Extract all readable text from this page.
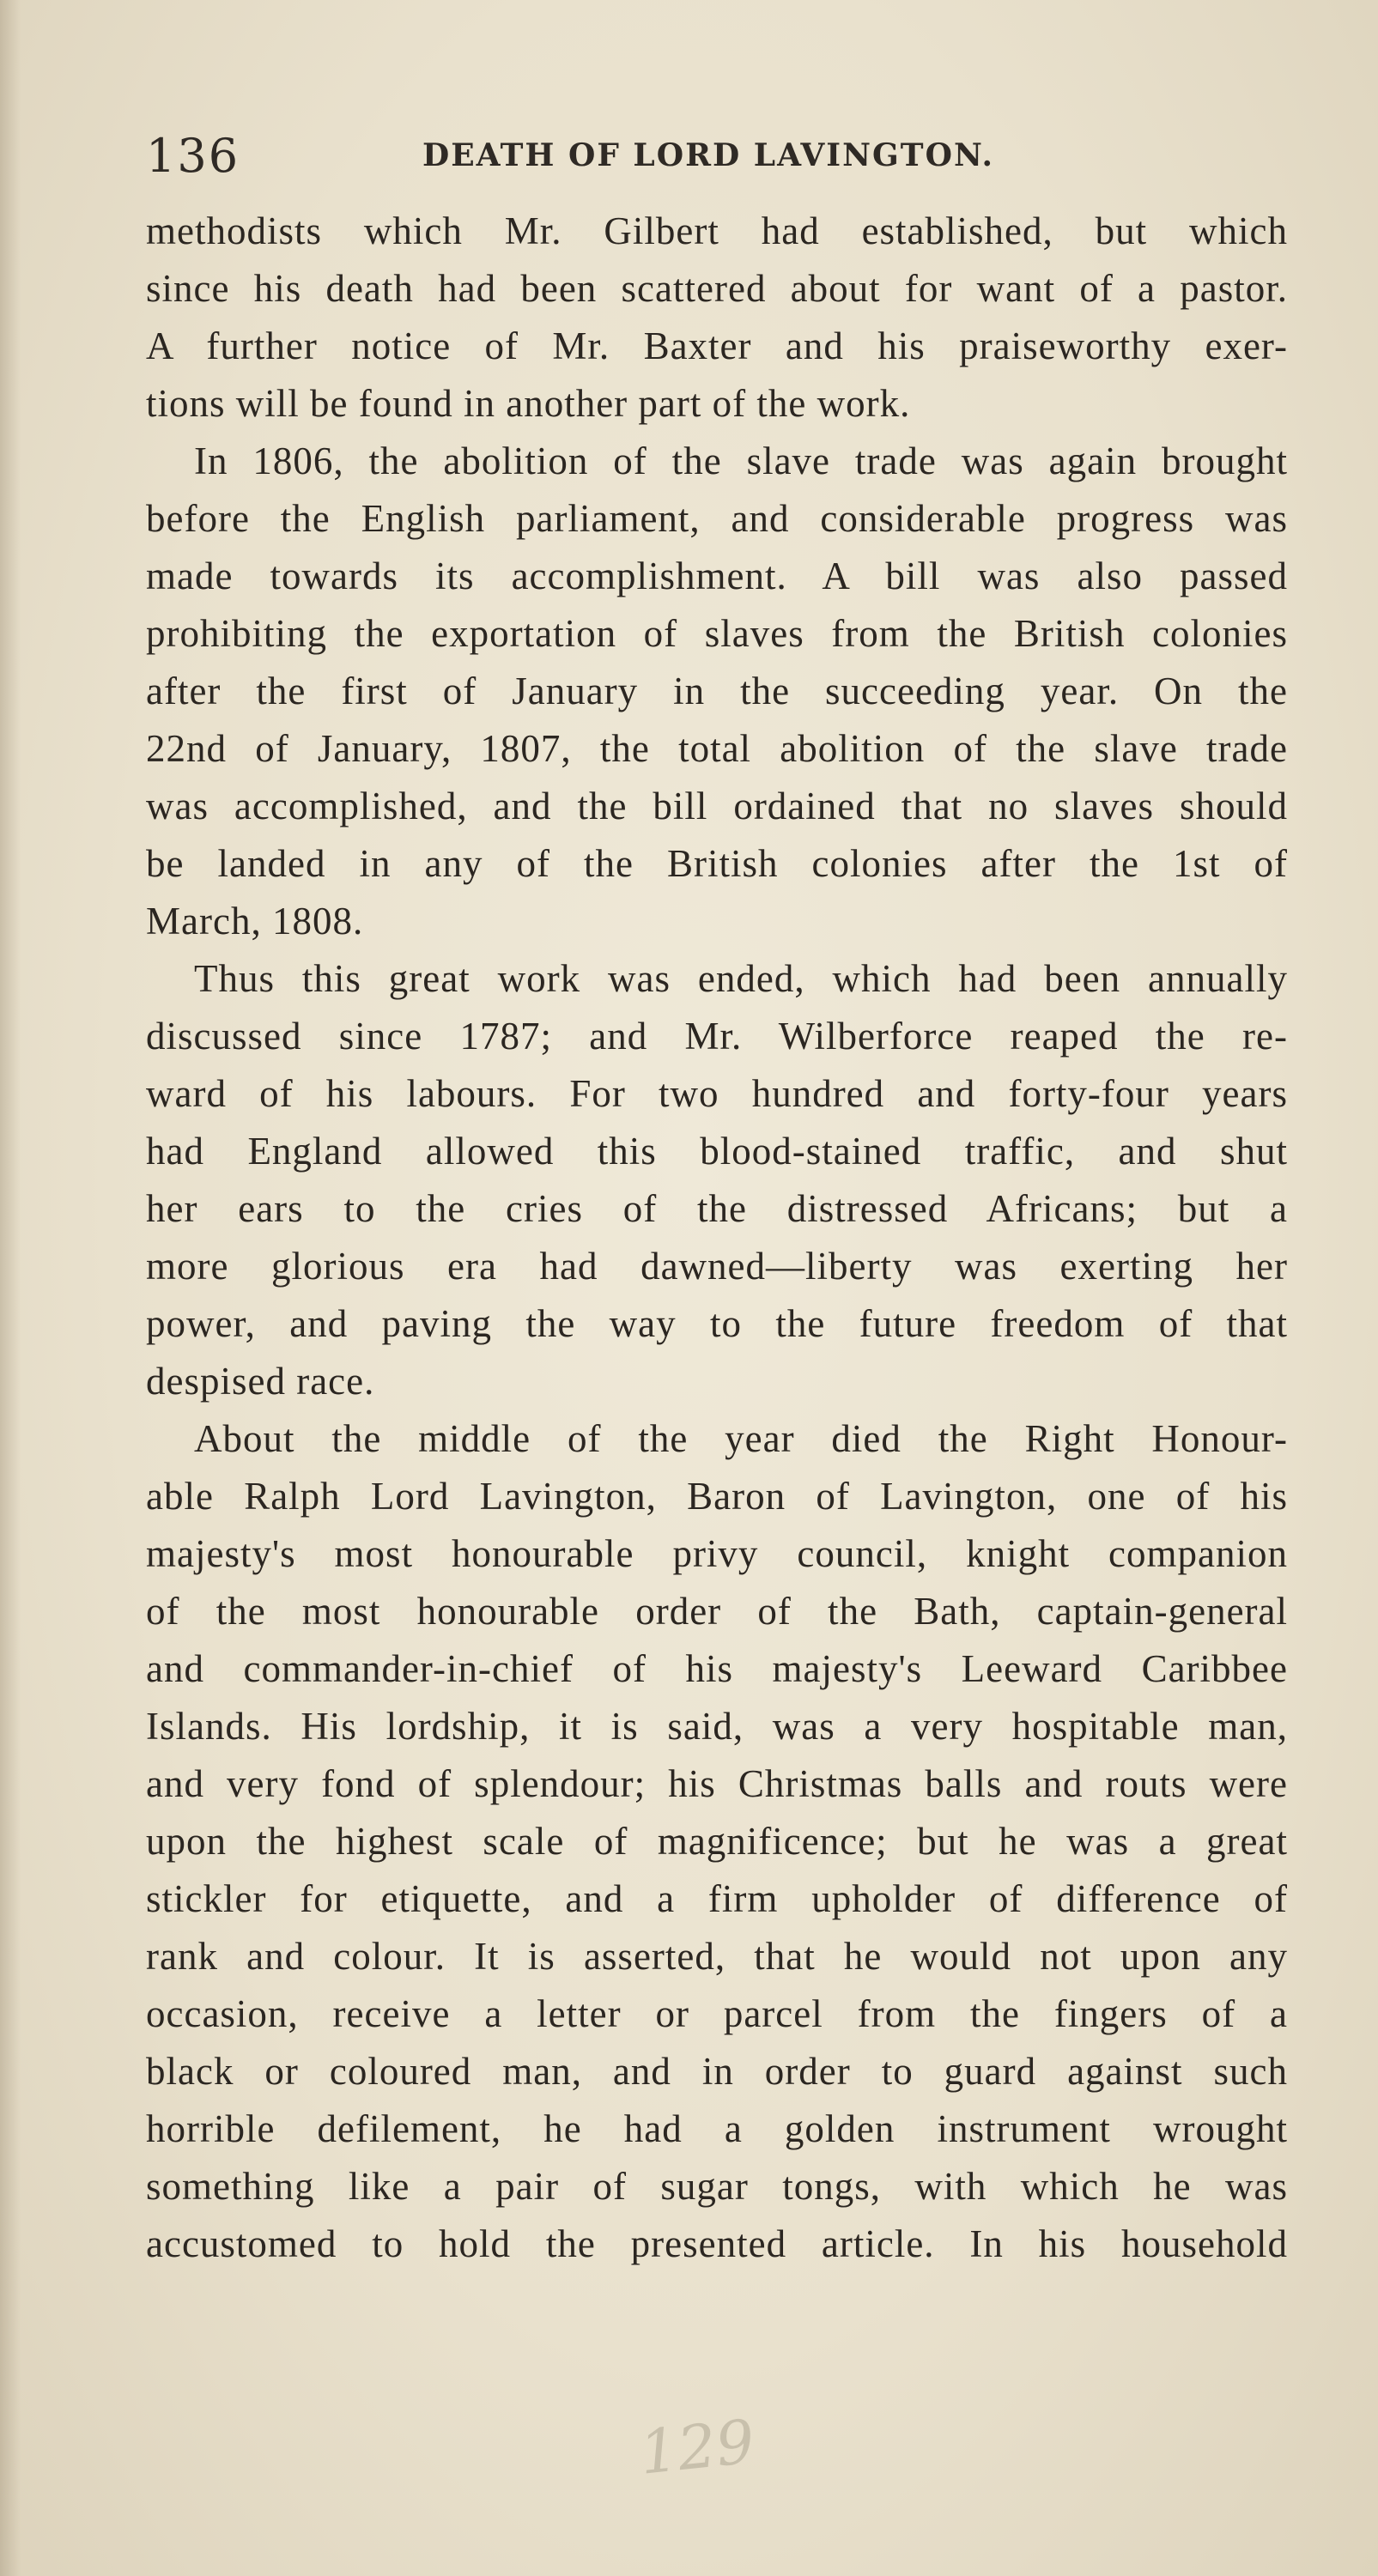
136	DEATH OF LORD LAVINGTON.
methodists which Mr. Gilbert had established, but which
since his death had been scattered about for want of a pastor.
A further notice of Mr. Baxter and his praiseworthy exer-
tions will be found in another part of the work.
In 1806, the abolition of the slave trade was again brought
before the English parliament, and considerable progress was
made towards its accomplishment. A bill was also passed
prohibiting the exportation of slaves from the British colonies
after the first of January in the succeeding year. On the
22nd of January, 1807, the total abolition of the slave trade
was accomplished, and the bill ordained that no slaves should
be landed in any of the British colonies after the 1st of
March, 1808.
Thus this great work was ended, which had been annually
discussed since 1787; and Mr. Wilberforce reaped the re-
ward of his labours. For two hundred and forty-four years
had England allowed this blood-stained traffic, and shut
her ears to the cries of the distressed Africans; but a
more glorious era had dawned—liberty was exerting her
power, and paving the way to the future freedom of that
despised race.
About the middle of the year died the Right Honour-
able Ralph Lord Lavington, Baron of Lavington, one of his
majesty's most honourable privy council, knight companion
of the most honourable order of the Bath, captain-general
and commander-in-chief of his majesty's Leeward Caribbee
Islands. His lordship, it is said, was a very hospitable man,
and very fond of splendour; his Christmas balls and routs were
upon the highest scale of magnificence; but he was a great
stickler for etiquette, and a firm upholder of difference of
rank and colour. It is asserted, that he would not upon any
occasion, receive a letter or parcel from the fingers of a
black or coloured man, and in order to guard against such
horrible defilement, he had a golden instrument wrought
something like a pair of sugar tongs, with which he was
accustomed to hold the presented article. In his household
129
